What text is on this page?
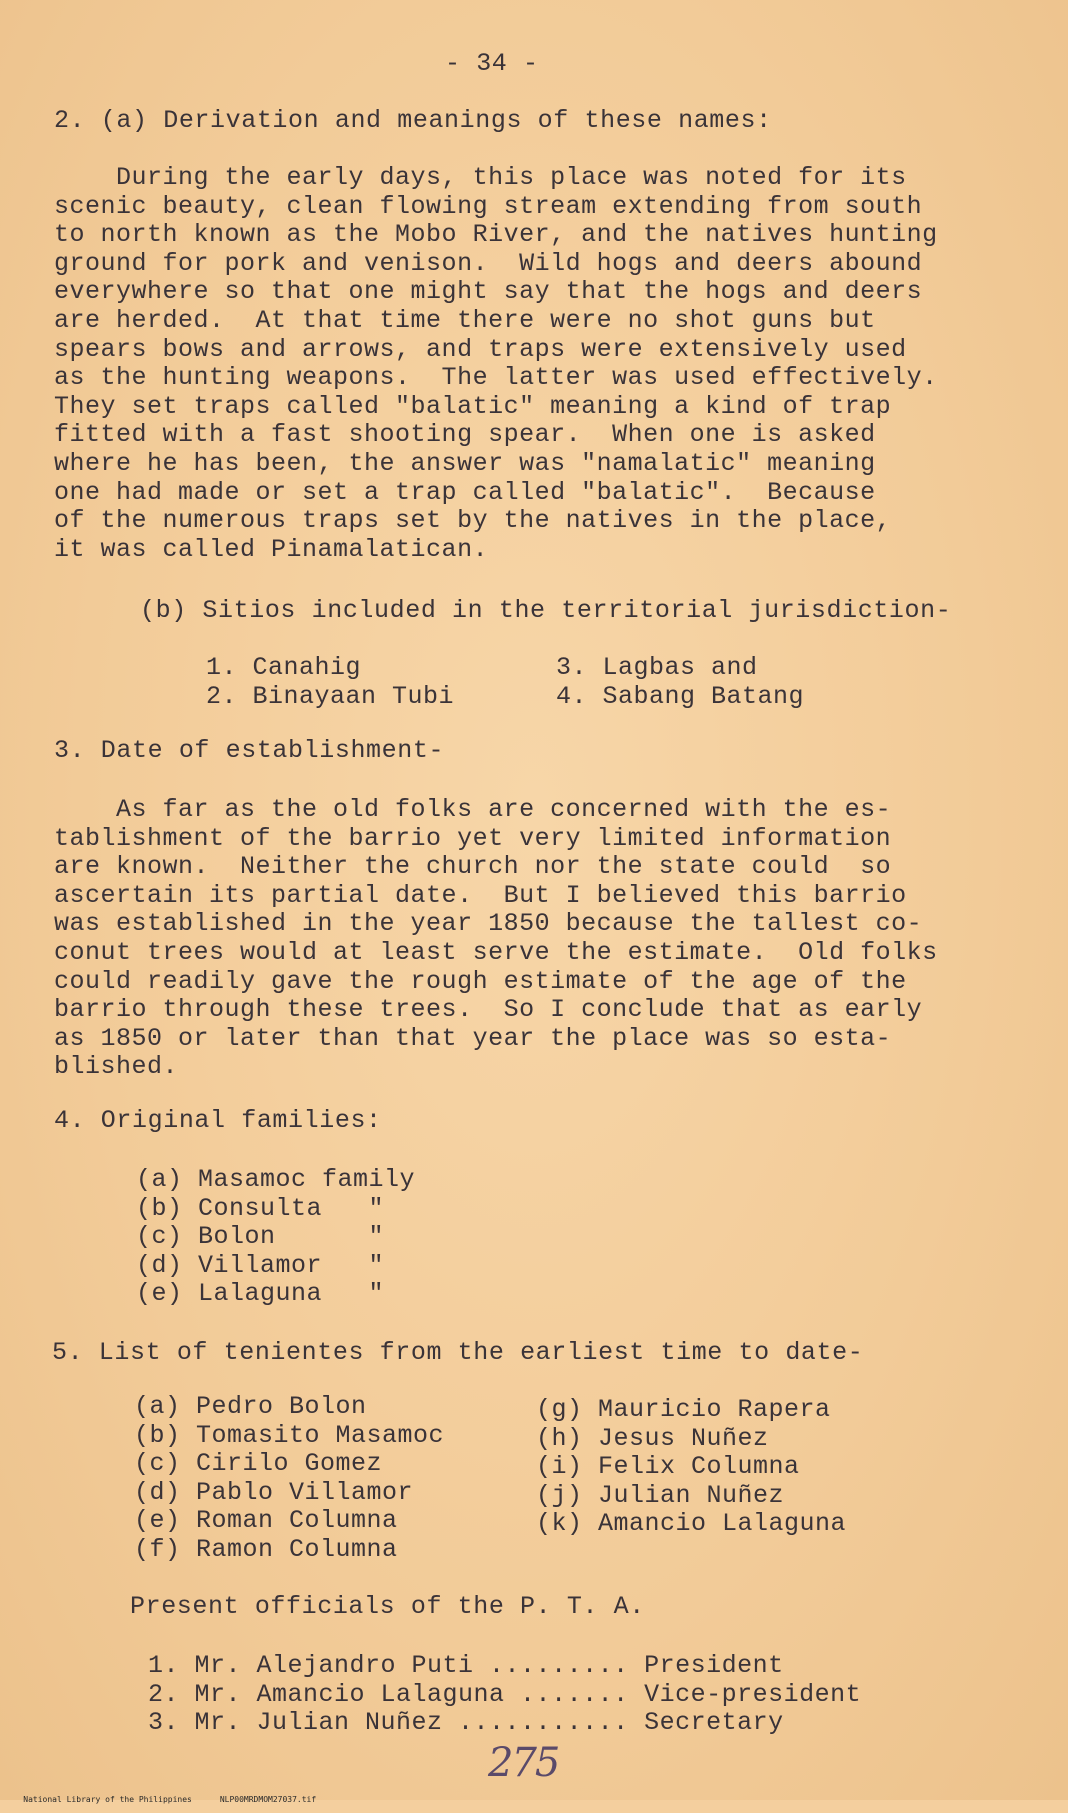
- 34 -
2. (a) Derivation and meanings of these names:
During the early days, this place was noted for its
scenic beauty, clean flowing stream extending from south
to north known as the Mobo River, and the natives hunting
ground for pork and venison.  Wild hogs and deers abound
everywhere so that one might say that the hogs and deers
are herded.  At that time there were no shot guns but
spears bows and arrows, and traps were extensively used
as the hunting weapons.  The latter was used effectively.
They set traps called "balatic" meaning a kind of trap
fitted with a fast shooting spear.  When one is asked
where he has been, the answer was "namalatic" meaning
one had made or set a trap called "balatic".  Because
of the numerous traps set by the natives in the place,
it was called Pinamalatican.
(b) Sitios included in the territorial jurisdiction-
1. Canahig
2. Binayaan Tubi
3. Lagbas and
4. Sabang Batang
3. Date of establishment-
As far as the old folks are concerned with the es-
tablishment of the barrio yet very limited information
are known.  Neither the church nor the state could  so
ascertain its partial date.  But I believed this barrio
was established in the year 1850 because the tallest co-
conut trees would at least serve the estimate.  Old folks
could readily gave the rough estimate of the age of the
barrio through these trees.  So I conclude that as early
as 1850 or later than that year the place was so esta-
blished.
4. Original families:
(a) Masamoc family
(b) Consulta   "
(c) Bolon      "
(d) Villamor   "
(e) Lalaguna   "
5. List of tenientes from the earliest time to date-
(a) Pedro Bolon
(b) Tomasito Masamoc
(c) Cirilo Gomez
(d) Pablo Villamor
(e) Roman Columna
(f) Ramon Columna
(g) Mauricio Rapera
(h) Jesus Nuñez
(i) Felix Columna
(j) Julian Nuñez
(k) Amancio Lalaguna
Present officials of the P. T. A.
1. Mr. Alejandro Puti ......... President
2. Mr. Amancio Lalaguna ....... Vice-president
3. Mr. Julian Nuñez ........... Secretary
275

National Library of the Philippines	NLP00MRDMOM27037.tif
